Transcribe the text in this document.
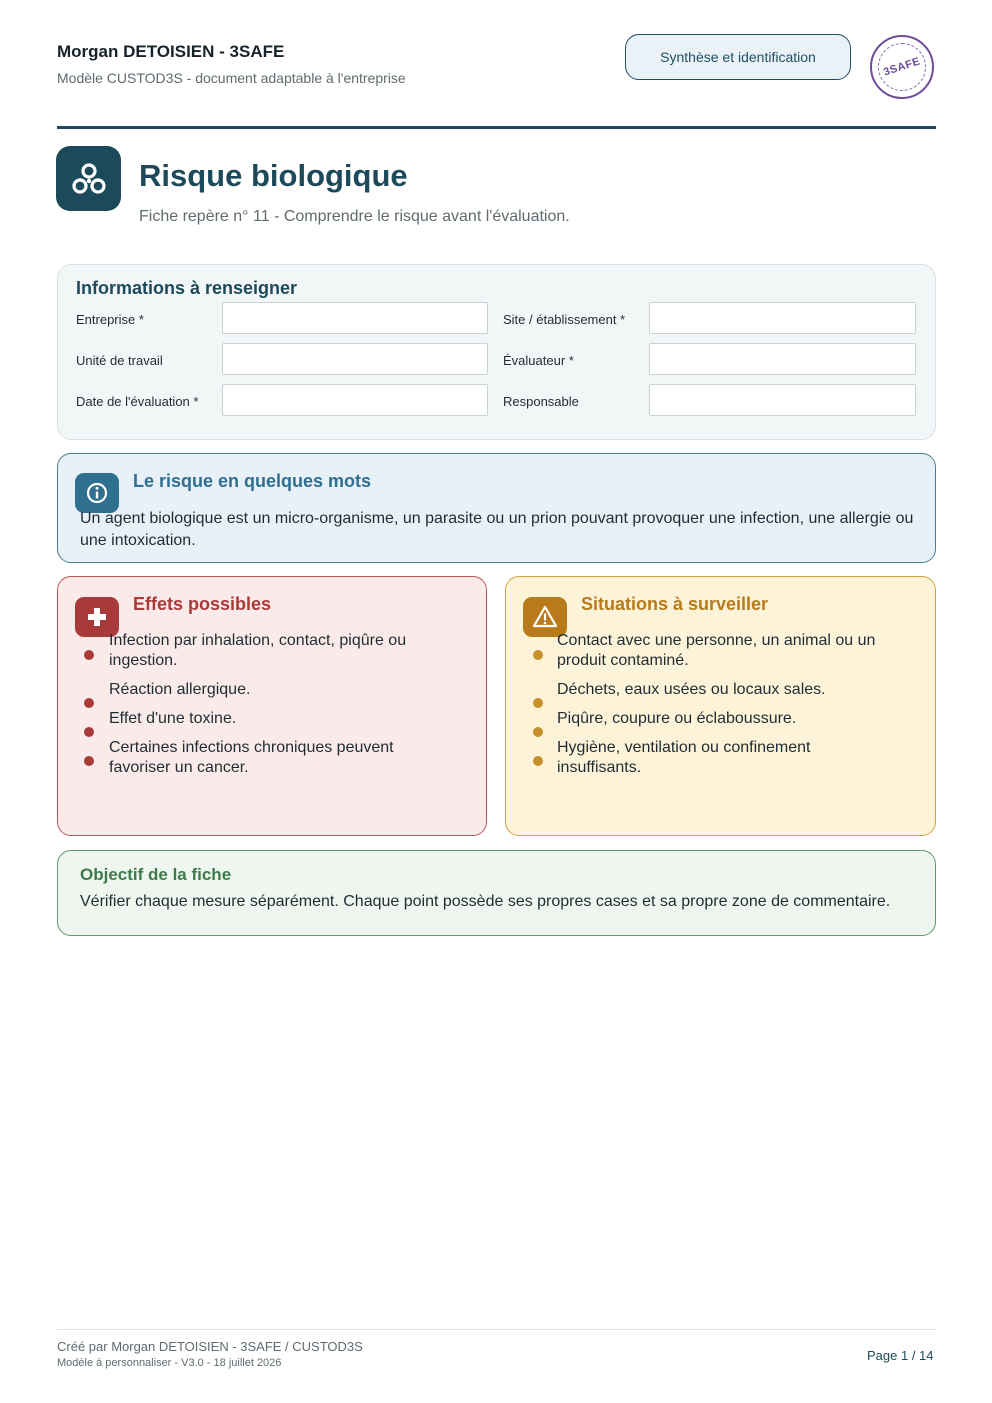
Morgan DETOISIEN - 3SAFE
Modèle CUSTOD3S - document adaptable à l'entreprise
Synthèse et identification	3SAFE
Risque biologique
Fiche repère n° 11 - Comprendre le risque avant l'évaluation.
Informations à renseigner
Entreprise *	Site / établissement *
Unité de travail	Évaluateur *
Date de l'évaluation *	Responsable
Le risque en quelques mots
Un agent biologique est un micro-organisme, un parasite ou un prion pouvant provoquer une infection, une allergie ou une intoxication.
Effets possibles
Infection par inhalation, contact, piqûre ou ingestion.
Réaction allergique.
Effet d'une toxine.
Certaines infections chroniques peuvent favoriser un cancer.
Situations à surveiller
Contact avec une personne, un animal ou un produit contaminé.
Déchets, eaux usées ou locaux sales.
Piqûre, coupure ou éclaboussure.
Hygiène, ventilation ou confinement insuffisants.
Objectif de la fiche
Vérifier chaque mesure séparément. Chaque point possède ses propres cases et sa propre zone de commentaire.
Créé par Morgan DETOISIEN - 3SAFE / CUSTOD3S
Modèle à personnaliser - V3.0 - 18 juillet 2026	Page 1 / 14
